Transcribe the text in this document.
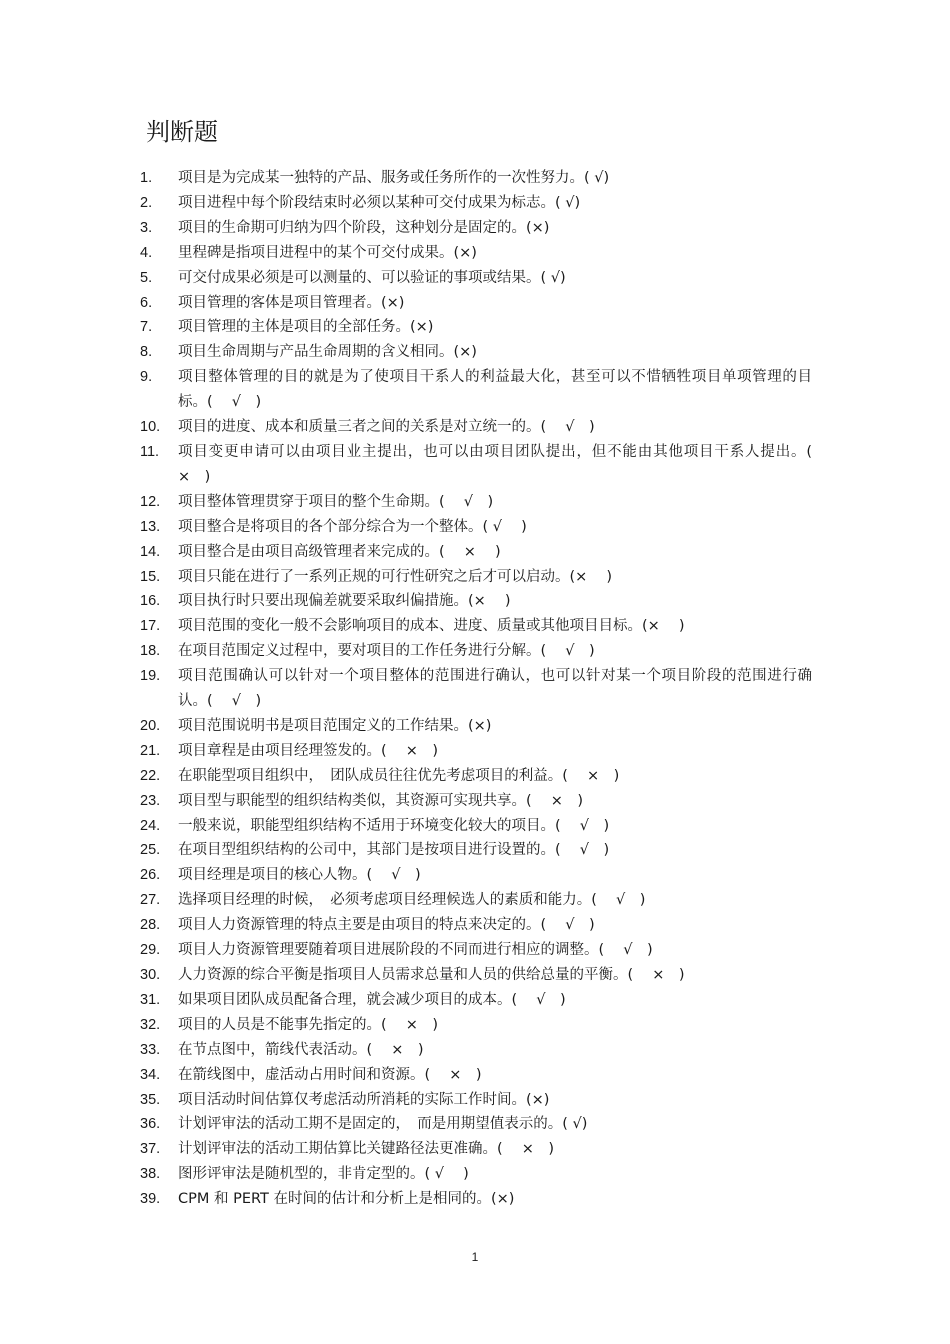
判断题
1.	项目是为完成某一独特的产品、服务或任务所作的一次性努力。( √)
2.	项目进程中每个阶段结束时必须以某种可交付成果为标志。( √)
3.	项目的生命期可归纳为四个阶段，这种划分是固定的。(×)
4.	里程碑是指项目进程中的某个可交付成果。(×)
5.	可交付成果必须是可以测量的、可以验证的事项或结果。( √)
6.	项目管理的客体是项目管理者。(×)
7.	项目管理的主体是项目的全部任务。(×)
8.	项目生命周期与产品生命周期的含义相同。(×)
9.	项目整体管理的目的就是为了使项目干系人的利益最大化，甚至可以不惜牺牲项目单项管理的目标。(　 √　)
10.	项目的进度、成本和质量三者之间的关系是对立统一的。(　 √　)
11.	项目变更申请可以由项目业主提出，也可以由项目团队提出，但不能由其他项目干系人提出。(　 ×　)
12.	项目整体管理贯穿于项目的整个生命期。(　 √　)
13.	项目整合是将项目的各个部分综合为一个整体。( √　 )
14.	项目整合是由项目高级管理者来完成的。(　 ×　 )
15.	项目只能在进行了一系列正规的可行性研究之后才可以启动。(×　 )
16.	项目执行时只要出现偏差就要采取纠偏措施。(×　 )
17.	项目范围的变化一般不会影响项目的成本、进度、质量或其他项目目标。(×　 )
18.	在项目范围定义过程中，要对项目的工作任务进行分解。(　 √　)
19.	项目范围确认可以针对一个项目整体的范围进行确认，也可以针对某一个项目阶段的范围进行确认。(　 √　)
20.	项目范围说明书是项目范围定义的工作结果。(×)
21.	项目章程是由项目经理签发的。(　 ×　)
22.	在职能型项目组织中，　团队成员往往优先考虑项目的利益。(　 ×　)
23.	项目型与职能型的组织结构类似，其资源可实现共享。(　 ×　)
24.	一般来说，职能型组织结构不适用于环境变化较大的项目。(　 √　)
25.	在项目型组织结构的公司中，其部门是按项目进行设置的。(　 √　)
26.	项目经理是项目的核心人物。(　 √　)
27.	选择项目经理的时候，　必须考虑项目经理候选人的素质和能力。(　 √　)
28.	项目人力资源管理的特点主要是由项目的特点来决定的。(　 √　)
29.	项目人力资源管理要随着项目进展阶段的不同而进行相应的调整。(　 √　)
30.	人力资源的综合平衡是指项目人员需求总量和人员的供给总量的平衡。(　 ×　)
31.	如果项目团队成员配备合理，就会减少项目的成本。(　 √　)
32.	项目的人员是不能事先指定的。(　 ×　)
33.	在节点图中，箭线代表活动。(　 ×　)
34.	在箭线图中，虚活动占用时间和资源。(　 ×　)
35.	项目活动时间估算仅考虑活动所消耗的实际工作时间。(×)
36.	计划评审法的活动工期不是固定的，　而是用期望值表示的。( √)
37.	计划评审法的活动工期估算比关键路径法更准确。(　 ×　)
38.	图形评审法是随机型的，非肯定型的。( √　 )
39.	CPM 和 PERT 在时间的估计和分析上是相同的。(×)
1
